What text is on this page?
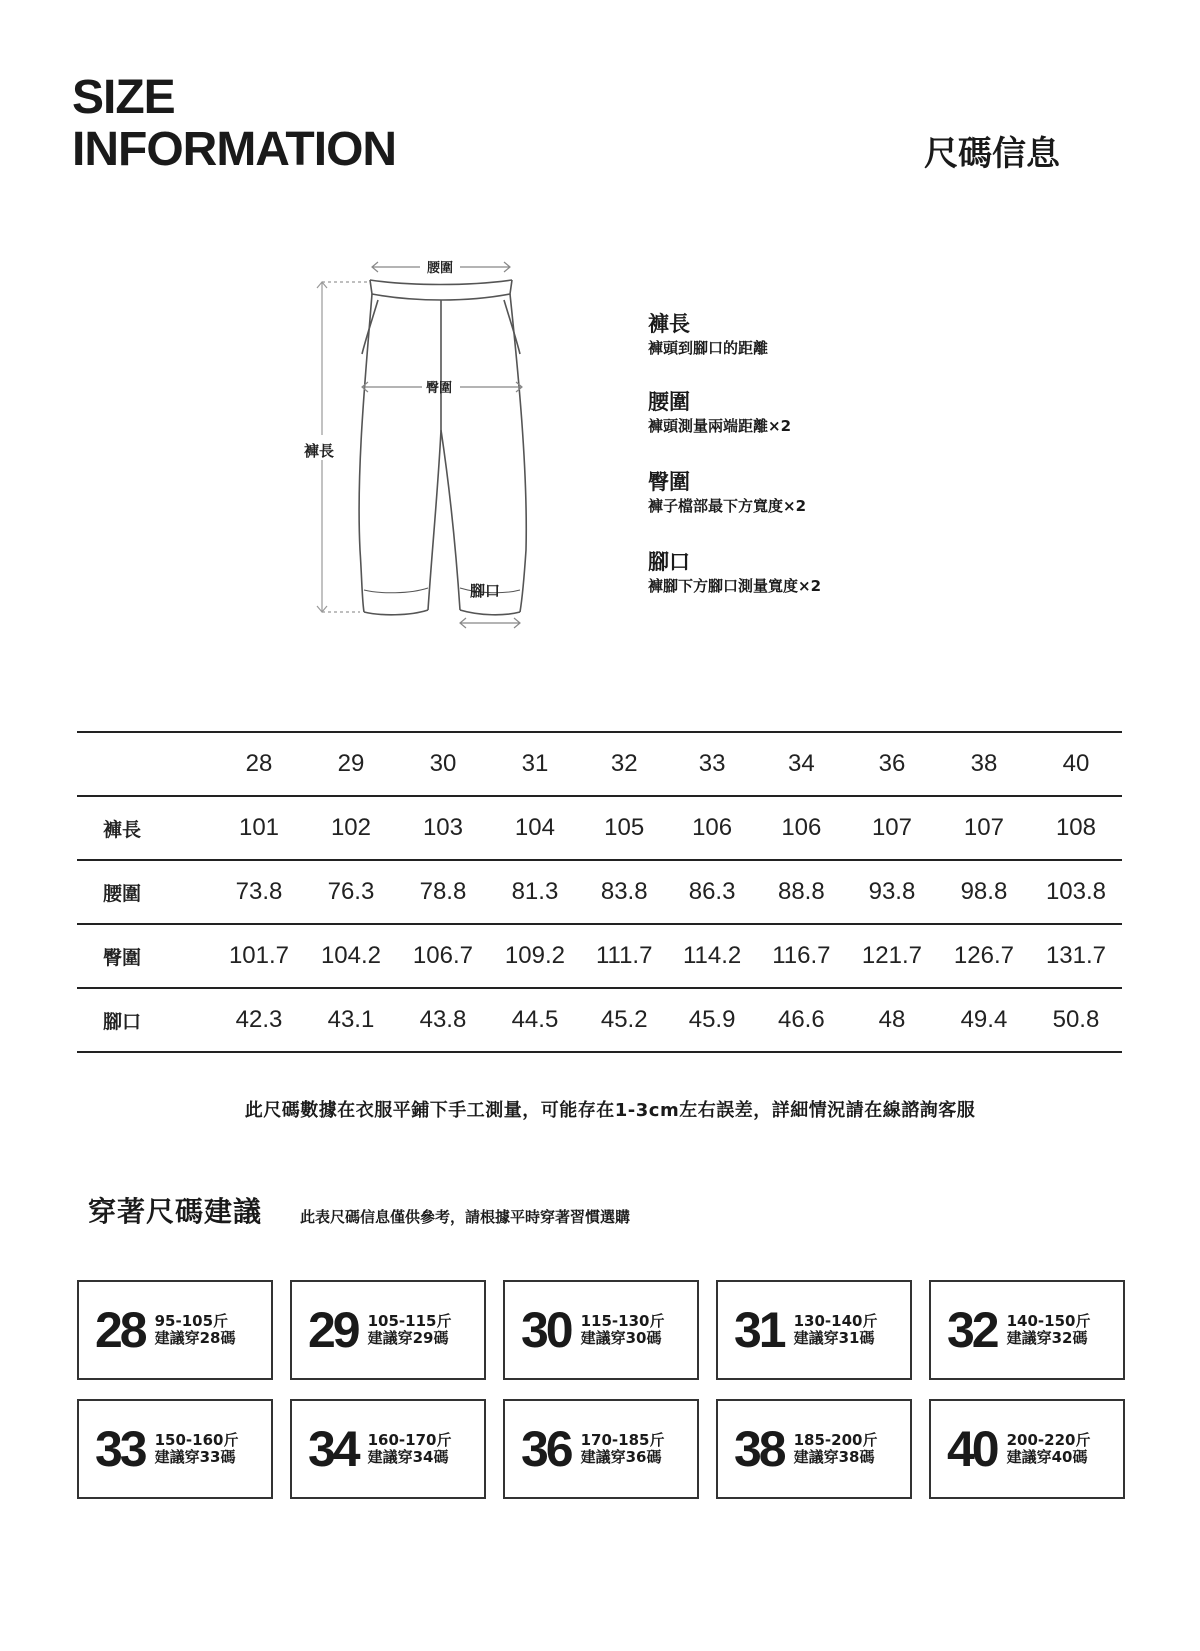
SIZE
INFORMATION	尺碼信息
腰圍
臀圍
褲長
腳口
褲長
褲頭到腳口的距離
腰圍
褲頭測量兩端距離×2
臀圍
褲子檔部最下方寬度×2
腳口
褲腳下方腳口測量寬度×2
	28	29	30	31	32	33	34	36	38	40
褲長	101	102	103	104	105	106	106	107	107	108
腰圍	73.8	76.3	78.8	81.3	83.8	86.3	88.8	93.8	98.8	103.8
臀圍	101.7	104.2	106.7	109.2	111.7	114.2	116.7	121.7	126.7	131.7
腳口	42.3	43.1	43.8	44.5	45.2	45.9	46.6	48	49.4	50.8
此尺碼數據在衣服平鋪下手工測量，可能存在1-3cm左右誤差，詳細情況請在線諮詢客服
穿著尺碼建議	此表尺碼信息僅供參考，請根據平時穿著習慣選購
28 95-105斤
建議穿28碼 29 105-115斤
建議穿29碼 30 115-130斤
建議穿30碼 31 130-140斤
建議穿31碼 32 140-150斤
建議穿32碼
33 150-160斤
建議穿33碼 34 160-170斤
建議穿34碼 36 170-185斤
建議穿36碼 38 185-200斤
建議穿38碼 40 200-220斤
建議穿40碼
